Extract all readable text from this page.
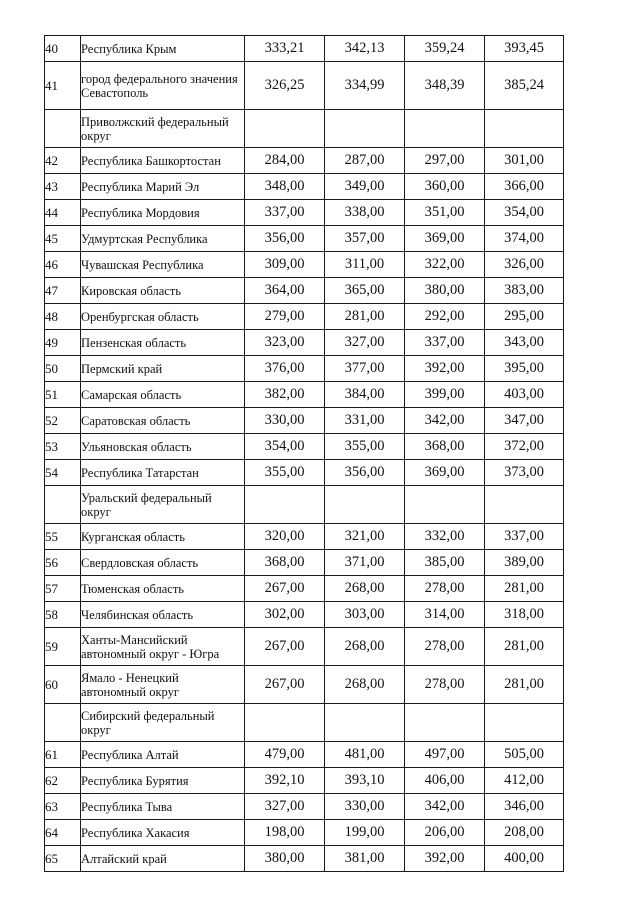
40	Республика Крым	333,21	342,13	359,24	393,45
41	город федерального значения Севастополь	326,25	334,99	348,39	385,24
	Приволжский федеральный округ				
42	Республика Башкортостан	284,00	287,00	297,00	301,00
43	Республика Марий Эл	348,00	349,00	360,00	366,00
44	Республика Мордовия	337,00	338,00	351,00	354,00
45	Удмуртская Республика	356,00	357,00	369,00	374,00
46	Чувашская Республика	309,00	311,00	322,00	326,00
47	Кировская область	364,00	365,00	380,00	383,00
48	Оренбургская область	279,00	281,00	292,00	295,00
49	Пензенская область	323,00	327,00	337,00	343,00
50	Пермский край	376,00	377,00	392,00	395,00
51	Самарская область	382,00	384,00	399,00	403,00
52	Саратовская область	330,00	331,00	342,00	347,00
53	Ульяновская область	354,00	355,00	368,00	372,00
54	Республика Татарстан	355,00	356,00	369,00	373,00
	Уральский федеральный округ				
55	Курганская область	320,00	321,00	332,00	337,00
56	Свердловская область	368,00	371,00	385,00	389,00
57	Тюменская область	267,00	268,00	278,00	281,00
58	Челябинская область	302,00	303,00	314,00	318,00
59	Ханты-Мансийский автономный округ - Югра	267,00	268,00	278,00	281,00
60	Ямало - Ненецкий автономный округ	267,00	268,00	278,00	281,00
	Сибирский федеральный округ				
61	Республика Алтай	479,00	481,00	497,00	505,00
62	Республика Бурятия	392,10	393,10	406,00	412,00
63	Республика Тыва	327,00	330,00	342,00	346,00
64	Республика Хакасия	198,00	199,00	206,00	208,00
65	Алтайский край	380,00	381,00	392,00	400,00
